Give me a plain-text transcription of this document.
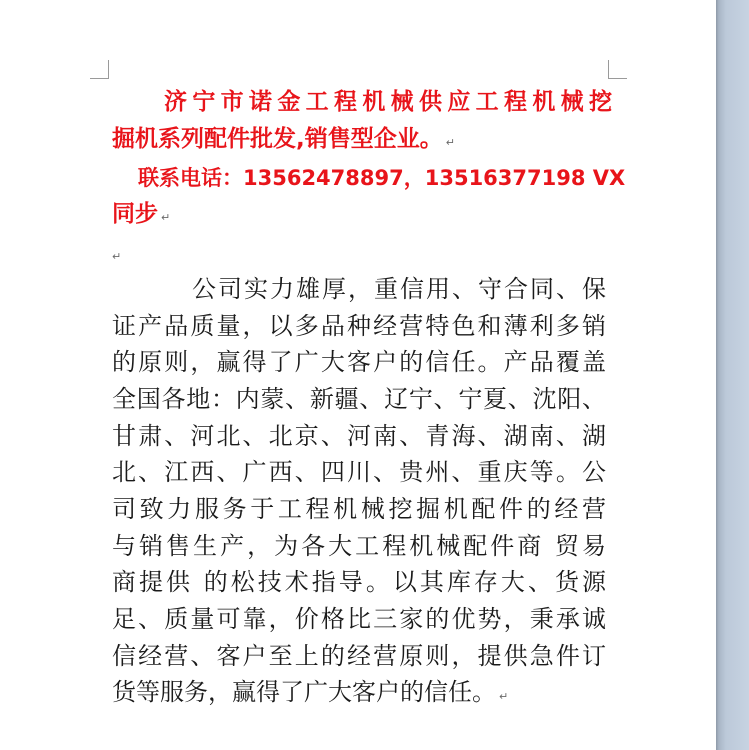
济宁市诺金工程机械供应工程机械挖
掘机系列配件批发,销售型企业。 ↵
联系电话：13562478897，13516377198 VX
同步 ↵
↵
公司实力雄厚，重信用、守合同、保
证产品质量，以多品种经营特色和薄利多销
的原则，赢得了广大客户的信任。产品覆盖
全国各地：内蒙、新疆、辽宁、宁夏、沈阳、
甘肃、河北、北京、河南、青海、湖南、湖
北、江西、广西、四川、贵州、重庆等。公
司致力服务于工程机械挖掘机配件的经营
与销售生产，为各大工程机械配件商 贸易
商提供 的松技术指导。以其库存大、货源
足、质量可靠，价格比三家的优势，秉承诚
信经营、客户至上的经营原则，提供急件订
货等服务，赢得了广大客户的信任。 ↵
